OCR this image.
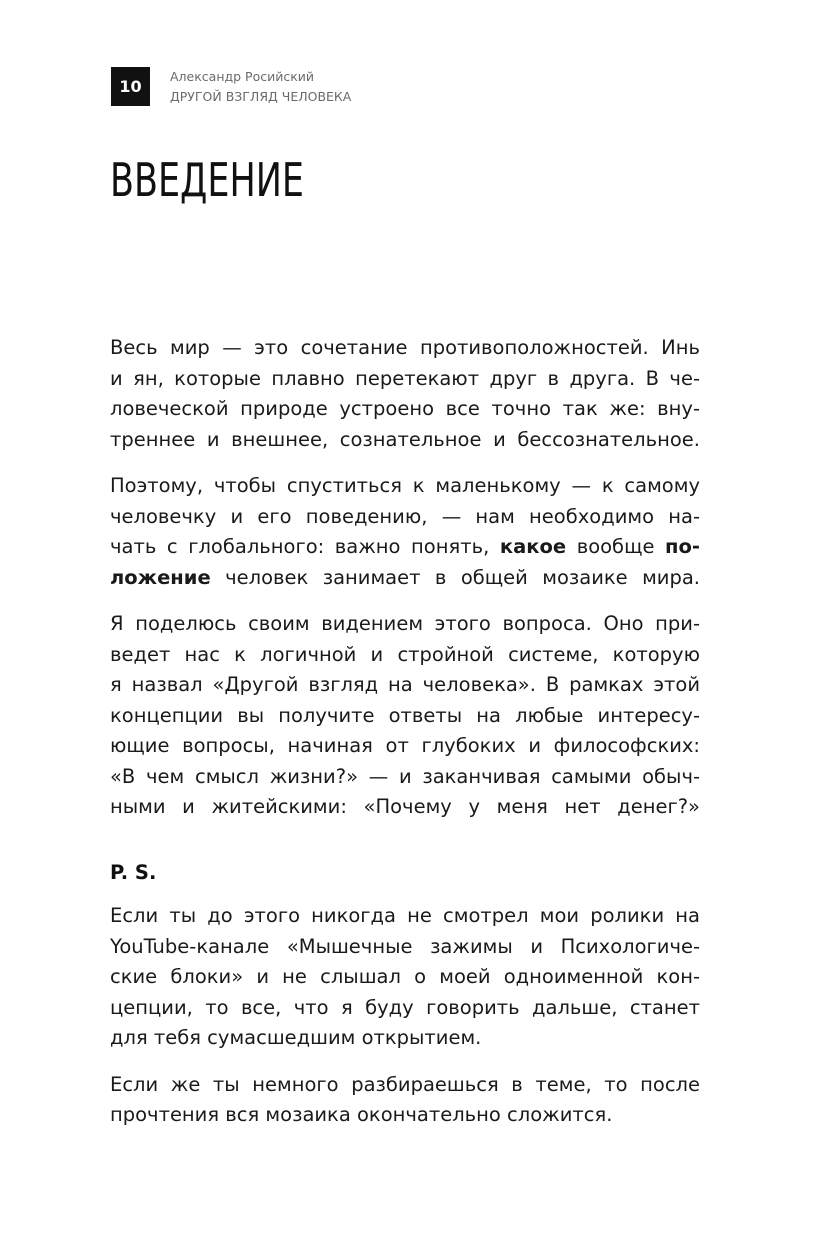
10
Александр Росийский
ДРУГОЙ ВЗГЛЯД ЧЕЛОВЕКА
ВВЕДЕНИЕ

Весь мир — это сочетание противоположностей. Инь
и ян, которые плавно перетекают друг в друга. В че-
ловеческой природе устроено все точно так же: вну-
треннее и внешнее, сознательное и бессознательное.

Поэтому, чтобы спуститься к маленькому — к самому
человечку и его поведению, — нам необходимо на-
чать с глобального: важно понять, какое вообще по-
ложение человек занимает в общей мозаике мира.

Я поделюсь своим видением этого вопроса. Оно при-
ведет нас к логичной и стройной системе, которую
я назвал «Другой взгляд на человека». В рамках этой
концепции вы получите ответы на любые интересу-
ющие вопросы, начиная от глубоких и философских:
«В чем смысл жизни?» — и заканчивая самыми обыч-
ными и житейскими: «Почему у меня нет денег?»

P. S.

Если ты до этого никогда не смотрел мои ролики на
YouTube-канале «Мышечные зажимы и Психологиче-
ские блоки» и не слышал о моей одноименной кон-
цепции, то все, что я буду говорить дальше, станет
для тебя сумасшедшим открытием.

Если же ты немного разбираешься в теме, то после
прочтения вся мозаика окончательно сложится.
